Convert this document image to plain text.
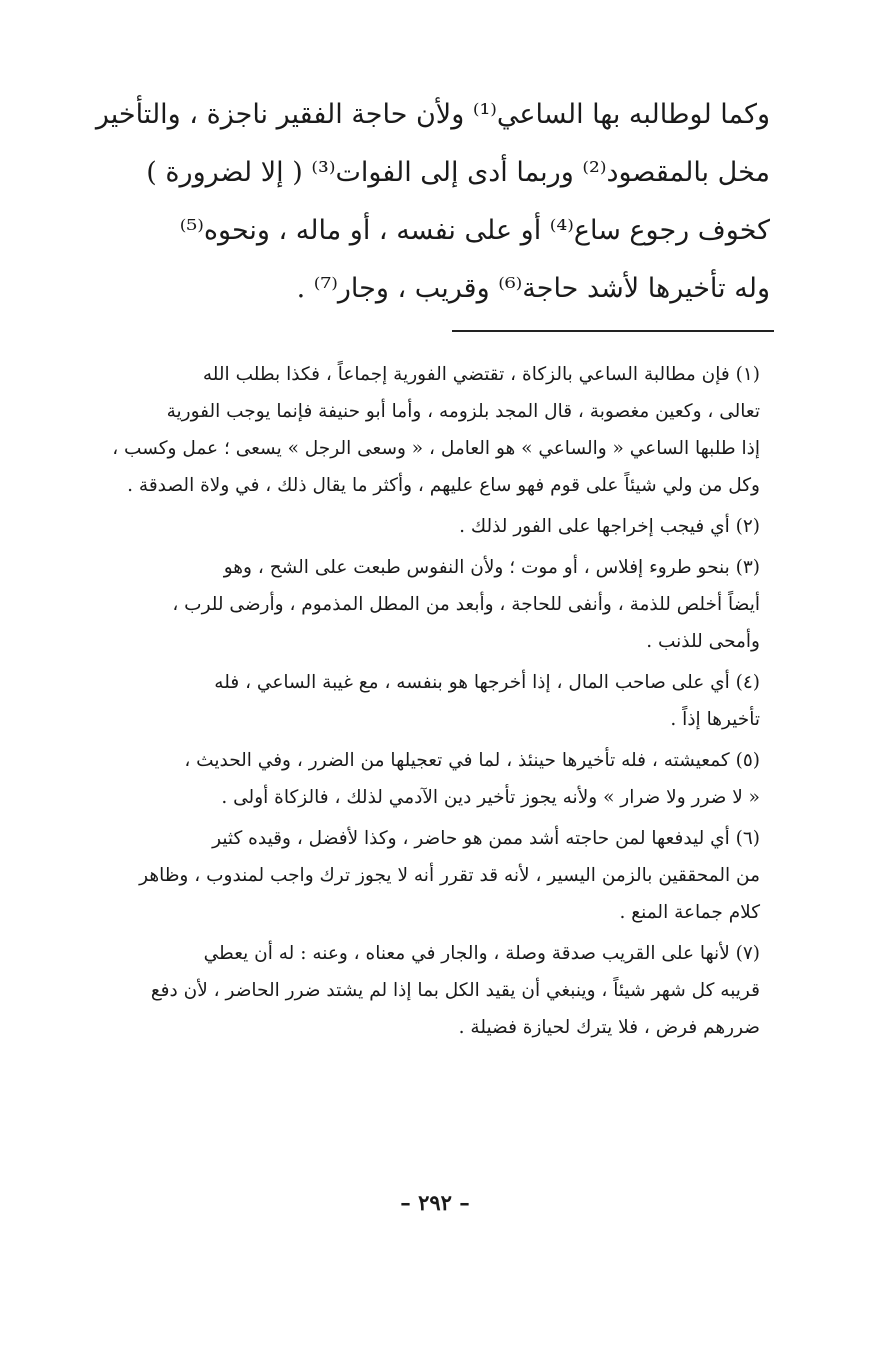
وكما لوطالبه بها الساعي⁽¹⁾ ولأن حاجة الفقير ناجزة ، والتأخير
مخل بالمقصود⁽²⁾ وربما أدى إلى الفوات⁽³⁾ ( إلا لضرورة )
كخوف رجوع ساع⁽⁴⁾ أو على نفسه ، أو ماله ، ونحوه⁽⁵⁾
وله تأخيرها لأشد حاجة⁽⁶⁾ وقريب ، وجار⁽⁷⁾ .
(١) فإن مطالبة الساعي بالزكاة ، تقتضي الفورية إجماعاً ، فكذا بطلب الله
تعالى ، وكعين مغصوبة ، قال المجد بلزومه ، وأما أبو حنيفة فإنما يوجب الفورية
إذا طلبها الساعي « والساعي » هو العامل ، « وسعى الرجل » يسعى ؛ عمل وكسب ،
وكل من ولي شيئاً على قوم فهو ساع عليهم ، وأكثر ما يقال ذلك ، في ولاة الصدقة .
(٢) أي فيجب إخراجها على الفور لذلك .
(٣) بنحو طروء إفلاس ، أو موت ؛ ولأن النفوس طبعت على الشح ، وهو
أيضاً أخلص للذمة ، وأنفى للحاجة ، وأبعد من المطل المذموم ، وأرضى للرب ،
وأمحى للذنب .
(٤) أي على صاحب المال ، إذا أخرجها هو بنفسه ، مع غيبة الساعي ، فله
تأخيرها إذاً .
(٥) كمعيشته ، فله تأخيرها حينئذ ، لما في تعجيلها من الضرر ، وفي الحديث ،
« لا ضرر ولا ضرار » ولأنه يجوز تأخير دين الآدمي لذلك ، فالزكاة أولى .
(٦) أي ليدفعها لمن حاجته أشد ممن هو حاضر ، وكذا لأفضل ، وقيده كثير
من المحققين بالزمن اليسير ، لأنه قد تقرر أنه لا يجوز ترك واجب لمندوب ، وظاهر
كلام جماعة المنع .
(٧) لأنها على القريب صدقة وصلة ، والجار في معناه ، وعنه : له أن يعطي
قريبه كل شهر شيئاً ، وينبغي أن يقيد الكل بما إذا لم يشتد ضرر الحاضر ، لأن دفع
ضررهم فرض ، فلا يترك لحيازة فضيلة .
– ٢٩٢ –
